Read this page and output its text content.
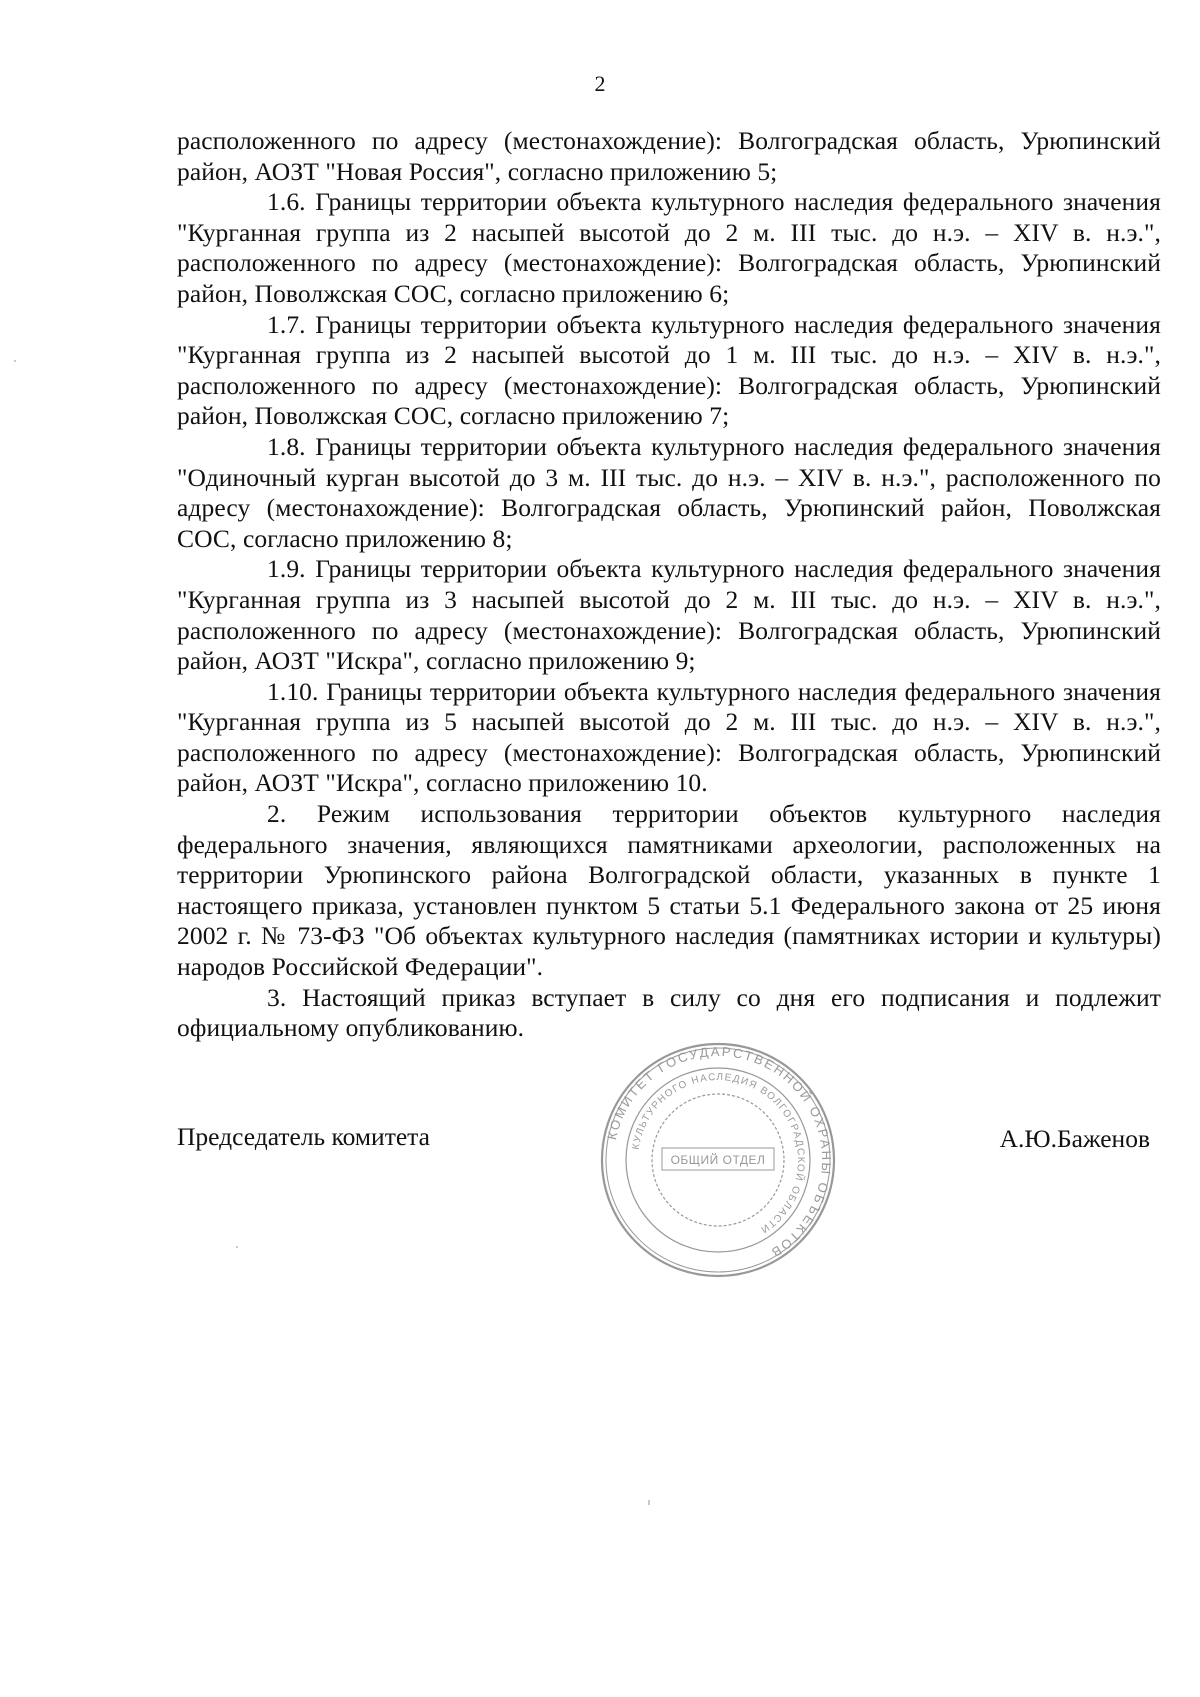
2

расположенного по адресу (местонахождение): Волгоградская область, Урюпинский район, АОЗТ "Новая Россия", согласно приложению 5;

1.6. Границы территории объекта культурного наследия федерального значения "Курганная группа из 2 насыпей высотой до 2 м. III тыс. до н.э. – XIV в. н.э.", расположенного по адресу (местонахождение): Волгоградская область, Урюпинский район, Поволжская СОС, согласно приложению 6;

1.7. Границы территории объекта культурного наследия федерального значения "Курганная группа из 2 насыпей высотой до 1 м. III тыс. до н.э. – XIV в. н.э.", расположенного по адресу (местонахождение): Волгоградская область, Урюпинский район, Поволжская СОС, согласно приложению 7;

1.8. Границы территории объекта культурного наследия федерального значения "Одиночный курган высотой до 3 м. III тыс. до н.э. – XIV в. н.э.", расположенного по адресу (местонахождение): Волгоградская область, Урюпинский район, Поволжская СОС, согласно приложению 8;

1.9. Границы территории объекта культурного наследия федерального значения "Курганная группа из 3 насыпей высотой до 2 м. III тыс. до н.э. – XIV в. н.э.", расположенного по адресу (местонахождение): Волгоградская область, Урюпинский район, АОЗТ "Искра", согласно приложению 9;

1.10. Границы территории объекта культурного наследия федерального значения "Курганная группа из 5 насыпей высотой до 2 м. III тыс. до н.э. – XIV в. н.э.", расположенного по адресу (местонахождение): Волгоградская область, Урюпинский район, АОЗТ "Искра", согласно приложению 10.

2. Режим использования территории объектов культурного наследия федерального значения, являющихся памятниками археологии, расположенных на территории Урюпинского района Волгоградской области, указанных в пункте 1 настоящего приказа, установлен пунктом 5 статьи 5.1 Федерального закона от 25 июня 2002 г. № 73-ФЗ "Об объектах культурного наследия (памятниках истории и культуры) народов Российской Федерации".

3. Настоящий приказ вступает в силу со дня его подписания и подлежит официальному опубликованию.

Председатель комитета	КОМИТЕТ ГОСУДАРСТВЕННОЙ ОХРАНЫ ОБЪЕКТОВ
КУЛЬТУРНОГО НАСЛЕДИЯ ВОЛГОГРАДСКОЙ ОБЛАСТИ
ОБЩИЙ ОТДЕЛ
А.Ю.Баженов
